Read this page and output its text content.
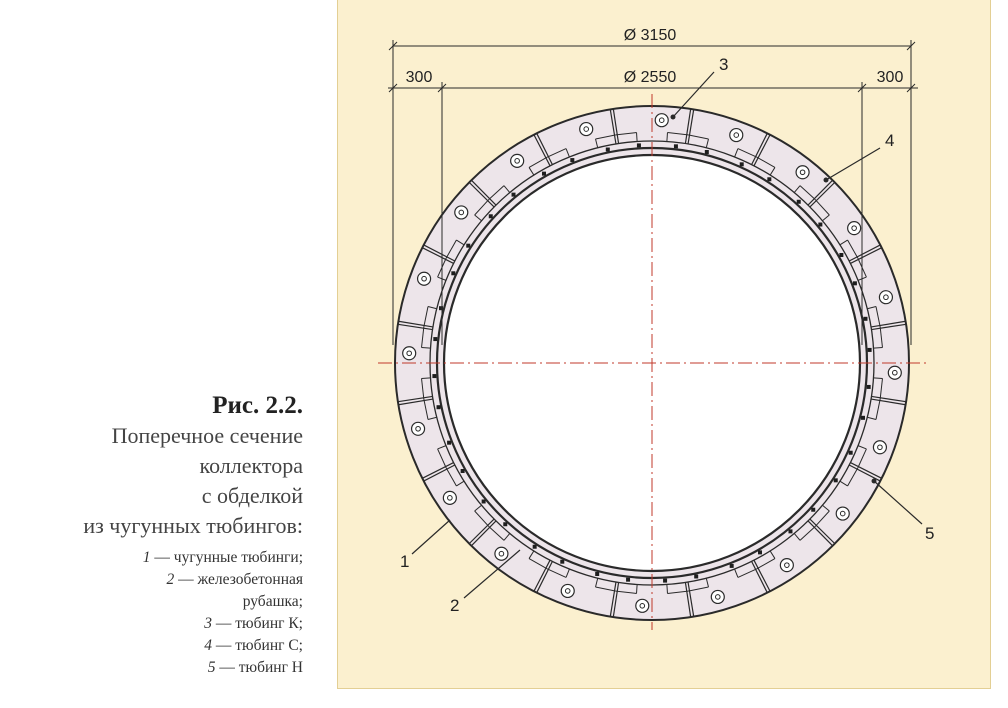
Ø 3150
Ø 2550
300	300
3
4
5
1
2
Рис. 2.2.
Поперечное сечение
коллектора
с обделкой
из чугунных тюбингов:
1 — чугунные тюбинги;
2 — железобетонная
рубашка;
3 — тюбинг К;
4 — тюбинг С;
5 — тюбинг Н
